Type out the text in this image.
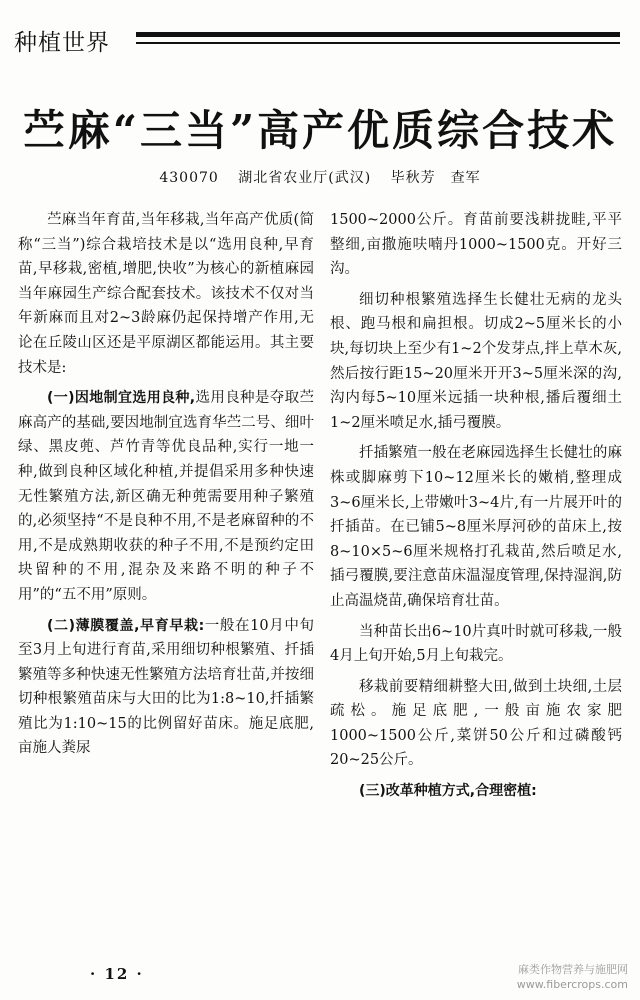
种植世界
苎麻“三当”高产优质综合技术
430070 湖北省农业厅(武汉) 毕秋芳　查军

苎麻当年育苗,当年移栽,当年高产优质(简称“三当”)综合栽培技术是以“选用良种,早育苗,早移栽,密植,增肥,快收”为核心的新植麻园当年麻园生产综合配套技术。该技术不仅对当年新麻而且对2~3龄麻仍起保持增产作用,无论在丘陵山区还是平原湖区都能运用。其主要技术是:

(一)因地制宜选用良种,选用良种是夺取苎麻高产的基础,要因地制宜选育华苎二号、细叶绿、黑皮蔸、芦竹青等优良品种,实行一地一种,做到良种区域化种植,并提倡采用多种快速无性繁殖方法,新区确无种蔸需要用种子繁殖的,必须坚持“不是良种不用,不是老麻留种的不用,不是成熟期收获的种子不用,不是预约定田块留种的不用,混杂及来路不明的种子不用”的“五不用”原则。

(二)薄膜覆盖,早育早栽:一般在10月中旬至3月上旬进行育苗,采用细切种根繁殖、扦插繁殖等多种快速无性繁殖方法培育壮苗,并按细切种根繁殖苗床与大田的比为1:8~10,扦插繁殖比为1:10~15的比例留好苗床。施足底肥,亩施人粪尿

1500~2000公斤。育苗前要浅耕拢畦,平平整细,亩撒施呋喃丹1000~1500克。开好三沟。

细切种根繁殖选择生长健壮无病的龙头根、跑马根和扁担根。切成2~5厘米长的小块,每切块上至少有1~2个发芽点,拌上草木灰,然后按行距15~20厘米开开3~5厘米深的沟,沟内每5~10厘米远插一块种根,播后覆细土1~2厘米喷足水,插弓覆膜。

扦插繁殖一般在老麻园选择生长健壮的麻株或脚麻剪下10~12厘米长的嫩梢,整理成3~6厘米长,上带嫩叶3~4片,有一片展开叶的扦插苗。在已铺5~8厘米厚河砂的苗床上,按8~10×5~6厘米规格打孔栽苗,然后喷足水,插弓覆膜,要注意苗床温湿度管理,保持湿润,防止高温烧苗,确保培育壮苗。

当种苗长出6~10片真叶时就可移栽,一般4月上旬开始,5月上旬栽完。

移栽前要精细耕整大田,做到土块细,土层疏松。施足底肥,一般亩施农家肥1000~1500公斤,菜饼50公斤和过磷酸钙20~25公斤。

(三)改革种植方式,合理密植:

· 12 ·	麻类作物营养与施肥网
www.fibercrops.com
